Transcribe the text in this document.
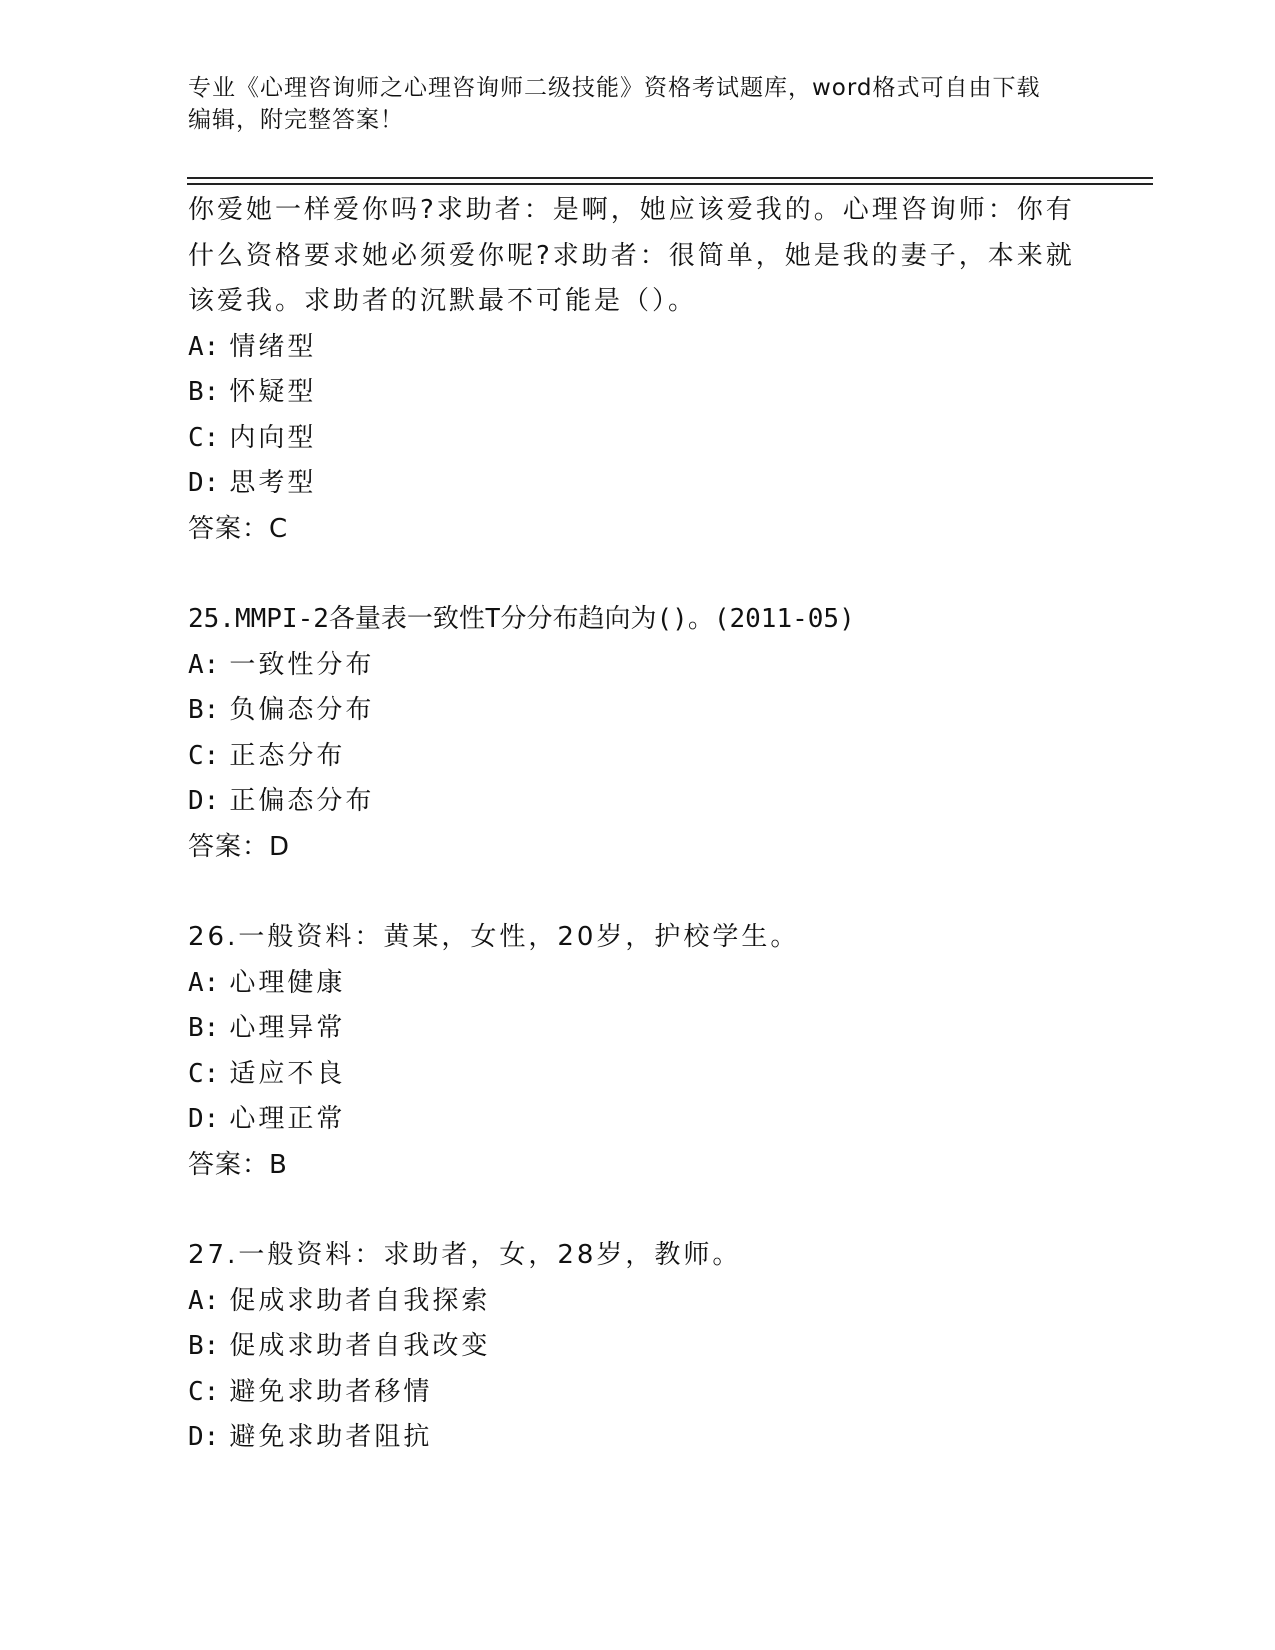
专业《心理咨询师之心理咨询师二级技能》资格考试题库，word格式可自由下载
编辑，附完整答案！
你爱她一样爱你吗?求助者：是啊，她应该爱我的。心理咨询师：你有
什么资格要求她必须爱你呢?求助者：很简单，她是我的妻子，本来就
该爱我。求助者的沉默最不可能是（）。
A: 情绪型
B: 怀疑型
C: 内向型
D: 思考型
答案：C
25.MMPI-2各量表一致性T分分布趋向为()。(2011-05)
A: 一致性分布
B: 负偏态分布
C: 正态分布
D: 正偏态分布
答案：D
26.一般资料：黄某，女性，20岁，护校学生。
A: 心理健康
B: 心理异常
C: 适应不良
D: 心理正常
答案：B
27.一般资料：求助者，女，28岁，教师。
A: 促成求助者自我探索
B: 促成求助者自我改变
C: 避免求助者移情
D: 避免求助者阻抗
